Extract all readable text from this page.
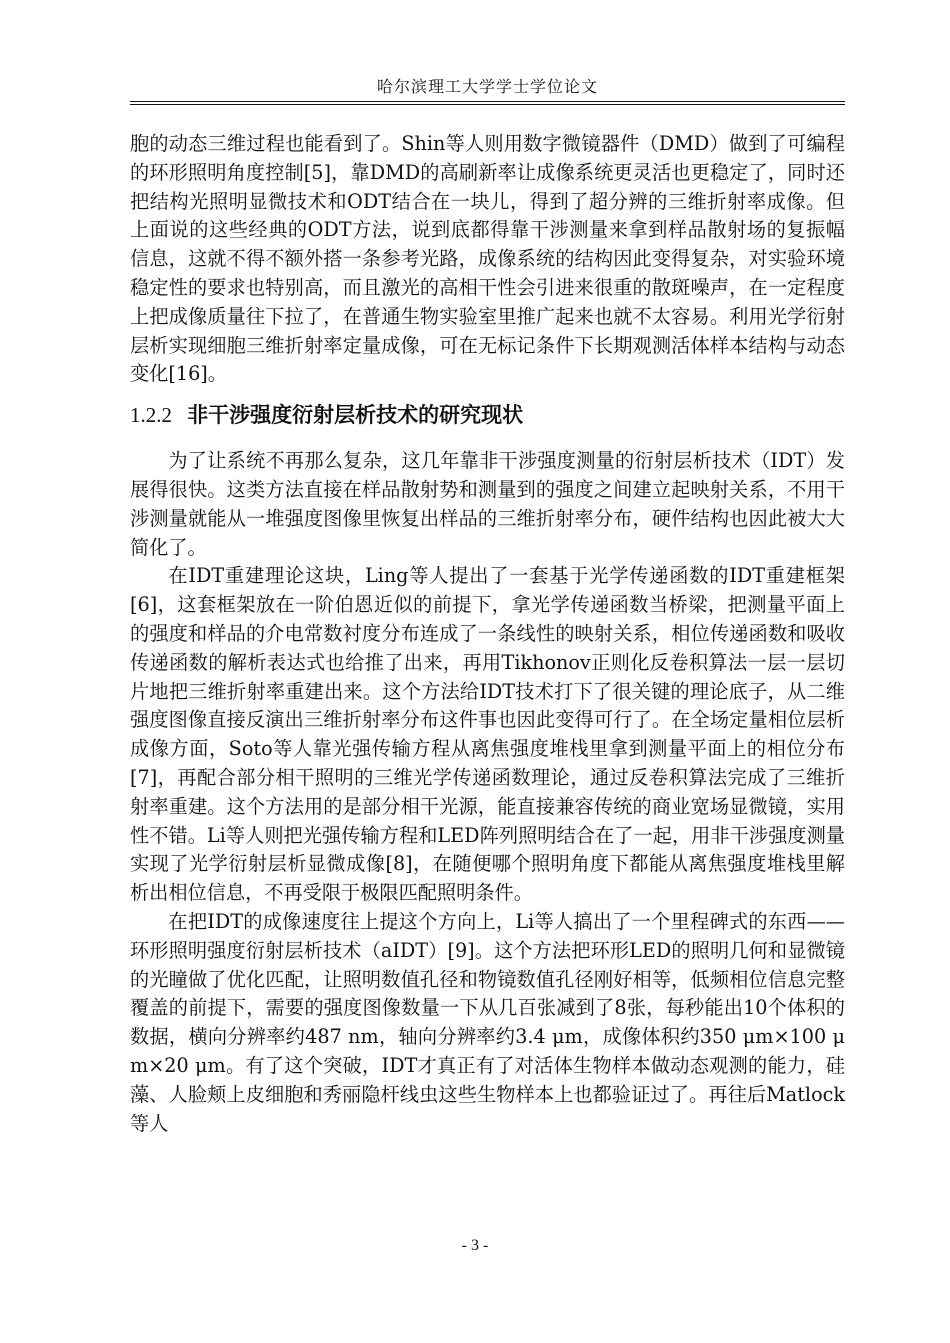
哈尔滨理工大学学士学位论文

胞的动态三维过程也能看到了。Shin等人则用数字微镜器件（DMD）做到了可编程的环形照明角度控制[5]，靠DMD的高刷新率让成像系统更灵活也更稳定了，同时还把结构光照明显微技术和ODT结合在一块儿，得到了超分辨的三维折射率成像。但上面说的这些经典的ODT方法，说到底都得靠干涉测量来拿到样品散射场的复振幅信息，这就不得不额外搭一条参考光路，成像系统的结构因此变得复杂，对实验环境稳定性的要求也特别高，而且激光的高相干性会引进来很重的散斑噪声，在一定程度上把成像质量往下拉了，在普通生物实验室里推广起来也就不太容易。利用光学衍射层析实现细胞三维折射率定量成像，可在无标记条件下长期观测活体样本结构与动态变化[16]。

1.2.2 非干涉强度衍射层析技术的研究现状

为了让系统不再那么复杂，这几年靠非干涉强度测量的衍射层析技术（IDT）发展得很快。这类方法直接在样品散射势和测量到的强度之间建立起映射关系，不用干涉测量就能从一堆强度图像里恢复出样品的三维折射率分布，硬件结构也因此被大大简化了。

在IDT重建理论这块，Ling等人提出了一套基于光学传递函数的IDT重建框架[6]，这套框架放在一阶伯恩近似的前提下，拿光学传递函数当桥梁，把测量平面上的强度和样品的介电常数衬度分布连成了一条线性的映射关系，相位传递函数和吸收传递函数的解析表达式也给推了出来，再用Tikhonov正则化反卷积算法一层一层切片地把三维折射率重建出来。这个方法给IDT技术打下了很关键的理论底子，从二维强度图像直接反演出三维折射率分布这件事也因此变得可行了。在全场定量相位层析成像方面，Soto等人靠光强传输方程从离焦强度堆栈里拿到测量平面上的相位分布[7]，再配合部分相干照明的三维光学传递函数理论，通过反卷积算法完成了三维折射率重建。这个方法用的是部分相干光源，能直接兼容传统的商业宽场显微镜，实用性不错。Li等人则把光强传输方程和LED阵列照明结合在了一起，用非干涉强度测量实现了光学衍射层析显微成像[8]，在随便哪个照明角度下都能从离焦强度堆栈里解析出相位信息，不再受限于极限匹配照明条件。

在把IDT的成像速度往上提这个方向上，Li等人搞出了一个里程碑式的东西——环形照明强度衍射层析技术（aIDT）[9]。这个方法把环形LED的照明几何和显微镜的光瞳做了优化匹配，让照明数值孔径和物镜数值孔径刚好相等，低频相位信息完整覆盖的前提下，需要的强度图像数量一下从几百张减到了8张，每秒能出10个体积的数据，横向分辨率约487 nm，轴向分辨率约3.4 μm，成像体积约350 μm×100 μm×20 μm。有了这个突破，IDT才真正有了对活体生物样本做动态观测的能力，硅藻、人脸颊上皮细胞和秀丽隐杆线虫这些生物样本上也都验证过了。再往后Matlock等人

- 3 -
